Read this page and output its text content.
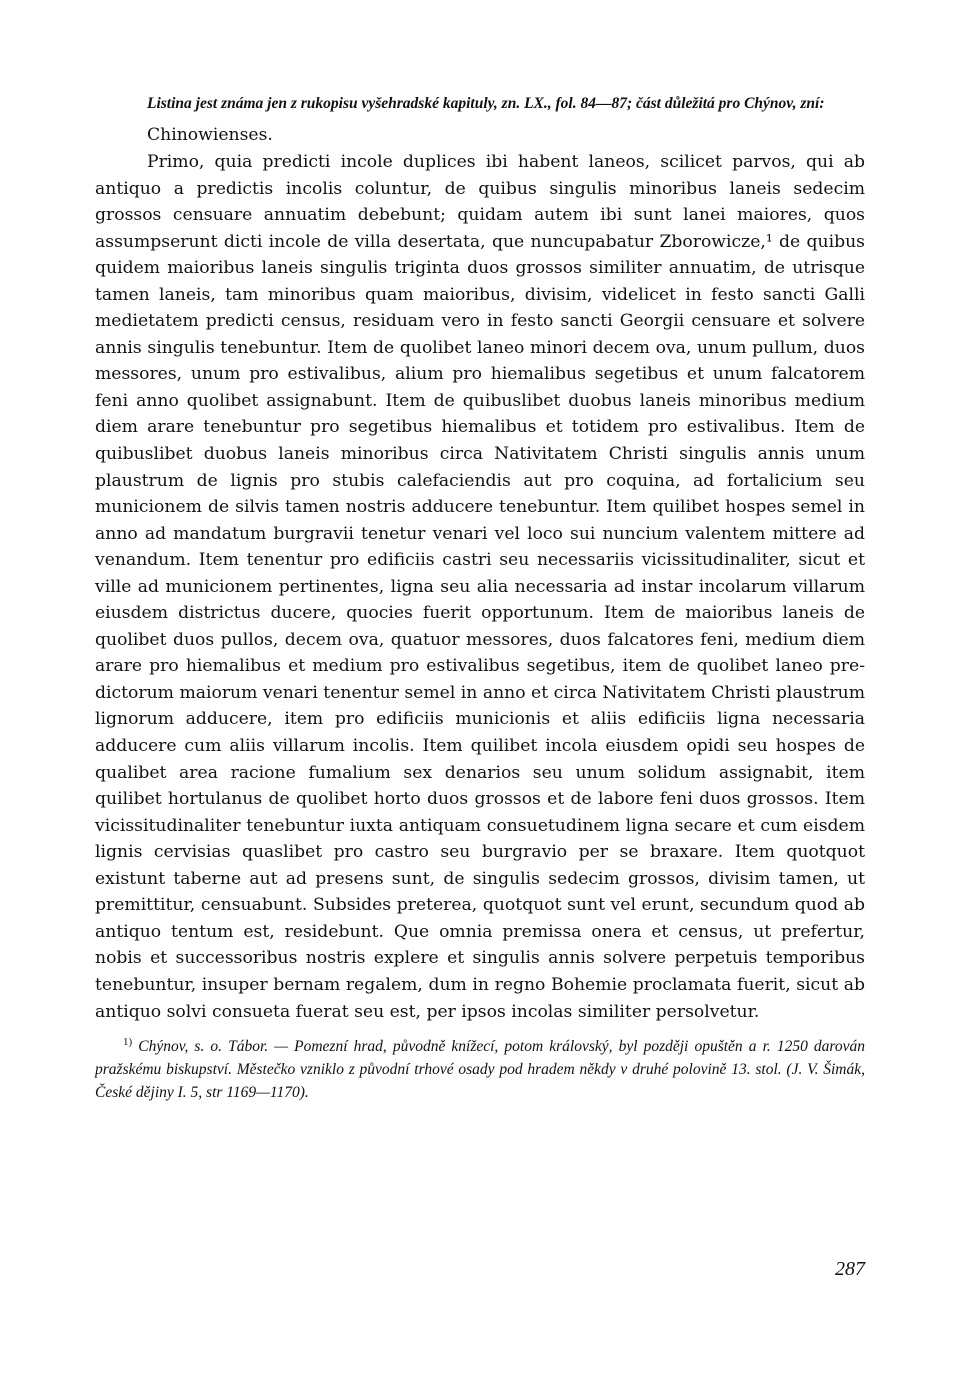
Listina jest známa jen z rukopisu vyšehradské kapituly, zn. LX., fol. 84—87; část důležitá pro Chýnov, zní:

Chinowienses.

Primo, quia predicti incole duplices ibi habent laneos, scilicet parvos, qui ab antiquo a predictis incolis coluntur, de quibus singulis minoribus laneis sedecim grossos censuare annuatim debebunt; quidam autem ibi sunt lanei maiores, quos assumpserunt dicti incole de villa desertata, que nuncupabatur Zborowicze,¹ de quibus quidem maioribus laneis singulis triginta duos grossos similiter annuatim, de utrisque tamen laneis, tam minoribus quam maioribus, divisim, videlicet in festo sancti Galli medietatem predicti census, residuam vero in festo sancti Georgii censuare et solvere annis singulis tenebuntur. Item de quolibet laneo minori decem ova, unum pullum, duos messores, unum pro estivalibus, alium pro hiemalibus segetibus et unum falcatorem feni anno quolibet assignabunt. Item de quibuslibet duobus laneis minoribus medium diem arare tenebuntur pro segetibus hiemalibus et totidem pro estivalibus. Item de quibuslibet duobus laneis minoribus circa Nativitatem Christi singulis annis unum plaustrum de lignis pro stubis calefaciendis aut pro coquina, ad fortalicium seu municionem de silvis tamen nostris adducere tenebuntur. Item quilibet hospes semel in anno ad mandatum burgravii tenetur venari vel loco sui nuncium valentem mittere ad venandum. Item tenentur pro edificiis castri seu necessariis vicissitudinaliter, sicut et ville ad municionem pertinentes, ligna seu alia necessaria ad instar incolarum villarum eiusdem districtus ducere, quocies fuerit opportunum. Item de maioribus laneis de quolibet duos pullos, decem ova, quatuor messores, duos falcatores feni, medium diem arare pro hiemalibus et medium pro estivalibus segetibus, item de quolibet laneo predictorum maiorum venari tenentur semel in anno et circa Nativitatem Christi plaustrum lignorum adducere, item pro edificiis municionis et aliis edificiis ligna necessaria adducere cum aliis villarum incolis. Item quilibet incola eiusdem opidi seu hospes de qualibet area racione fumalium sex denarios seu unum solidum assignabit, item quilibet hortulanus de quolibet horto duos grossos et de labore feni duos grossos. Item vicissitudinaliter tenebuntur iuxta antiquam consuetudinem ligna secare et cum eisdem lignis cervisias quaslibet pro castro seu burgravio per se braxare. Item quotquot existunt taberne aut ad presens sunt, de singulis sedecim grossos, divisim tamen, ut premittitur, censuabunt. Subsides preterea, quotquot sunt vel erunt, secundum quod ab antiquo tentum est, residebunt. Que omnia premissa onera et census, ut prefertur, nobis et successoribus nostris explere et singulis annis solvere perpetuis temporibus tenebuntur, insuper bernam regalem, dum in regno Bohemie proclamata fuerit, sicut ab antiquo solvi consueta fuerat seu est, per ipsos incolas similiter persolvetur.

$^{1)}$ Chýnov, s. o. Tábor. — Pomezní hrad, původně knížecí, potom královský, byl později opuštěn a r. 1250 darován pražskému biskupství. Městečko vzniklo z původní trhové osady pod hradem někdy v druhé polovině 13. stol. (J. V. Šimák, České dějiny I. 5, str 1169—1170).

287
